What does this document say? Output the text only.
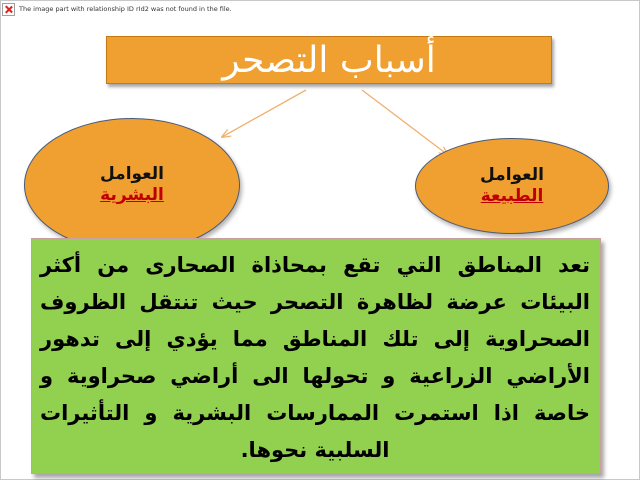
The image part with relationship ID rId2 was not found in the file.
أسباب التصحر
العوامل
البشرية
العوامل
الطبيعة

تعد المناطق التي تقع بمحاذاة الصحارى من أكثر البيئات عرضة لظاهرة التصحر حيث تنتقل الظروف الصحراوية إلى تلك المناطق مما يؤدي إلى تدهور الأراضي الزراعية و تحولها الى أراضي صحراوية و خاصة اذا استمرت الممارسات البشرية و التأثيرات السلبية نحوها.
